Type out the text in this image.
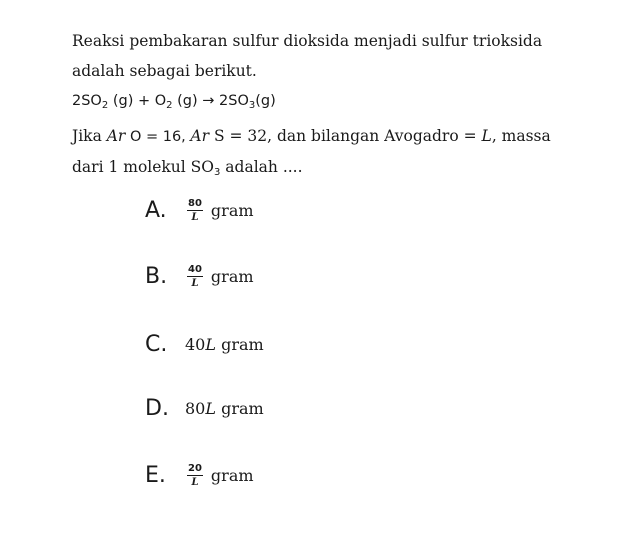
Reaksi pembakaran sulfur dioksida menjadi sulfur trioksida
adalah sebagai berikut.
$2SO_2$ $(g) + O_2$ $(g) \to 2SO_3(g)$
Jika Ar O = 16, Ar S = 32, dan bilangan Avogadro = L, massa
dari 1 molekul $SO_3$ adalah ....
A.	$\frac{80}{L}$ gram
B.	$\frac{40}{L}$ gram
C.	40L
gram
D.	80L
gram
E.	$\frac{20}{L}$ gram
